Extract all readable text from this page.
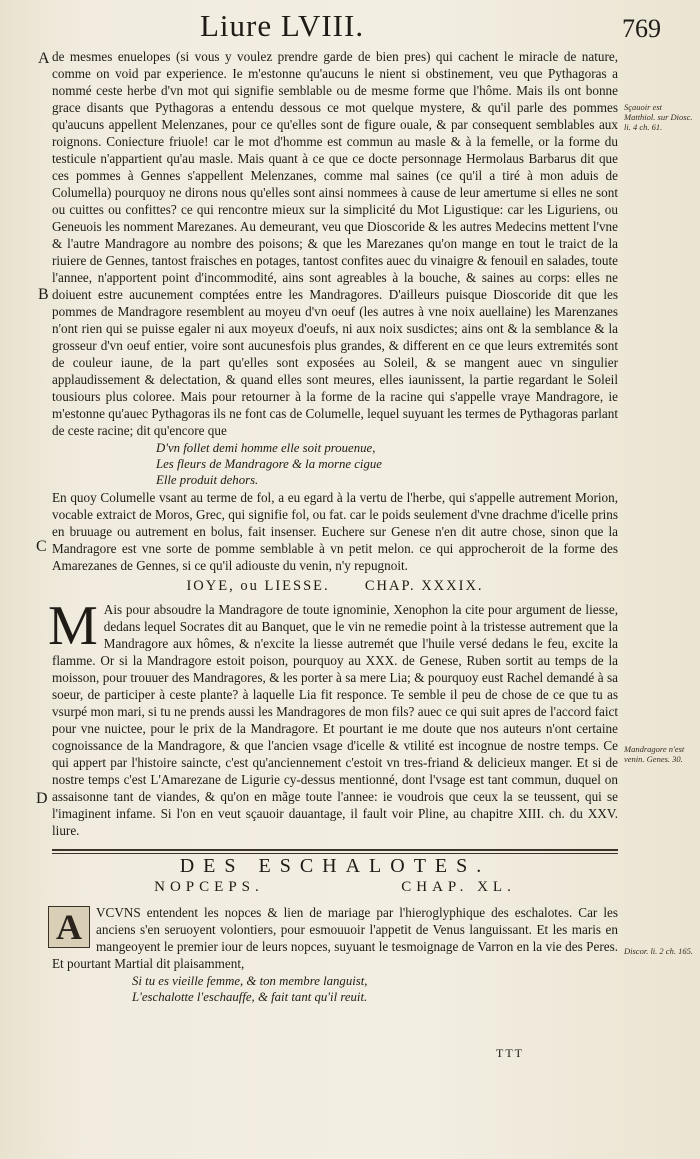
Liure LVIII.	769
A
B
C
D
Sçauoir est Matthiol. sur Diosc. li. 4 ch. 61.
Mandragore n'est venin. Genes. 30.
Discor. li. 2 ch. 165.

de mesmes enuelopes (si vous y voulez prendre garde de bien pres) qui cachent le miracle de nature, comme on void par experience. Ie m'estonne qu'aucuns le nient si obstinement, veu que Pythagoras a nommé ceste herbe d'vn mot qui signifie semblable ou de mesme forme que l'hôme. Mais ils ont bonne grace disants que Pythagoras a entendu dessous ce mot quelque mystere, & qu'il parle des pommes qu'aucuns appellent Melenzanes, pour ce qu'elles sont de figure ouale, & par consequent semblables aux roignons. Coniecture friuole! car le mot d'homme est commun au masle & à la femelle, or la forme du testicule n'appartient qu'au masle. Mais quant à ce que ce docte personnage Hermolaus Barbarus dit que ces pommes à Gennes s'appellent Melenzanes, comme mal saines (ce qu'il a tiré à mon aduis de Columella) pourquoy ne dirons nous qu'elles sont ainsi nommees à cause de leur amertume si elles ne sont ou cuittes ou confittes? ce qui rencontre mieux sur la simplicité du Mot Ligustique: car les Liguriens, ou Geneuois les nomment Marezanes. Au demeurant, veu que Dioscoride & les autres Medecins mettent l'vne & l'autre Mandragore au nombre des poisons; & que les Marezanes qu'on mange en tout le traict de la riuiere de Gennes, tantost fraisches en potages, tantost confites auec du vinaigre & fenouil en salades, toute l'annee, n'apportent point d'incommodité, ains sont agreables à la bouche, & saines au corps: elles ne doiuent estre aucunement comptées entre les Mandragores. D'ailleurs puisque Dioscoride dit que les pommes de Mandragore resemblent au moyeu d'vn oeuf (les autres à vne noix auellaine) les Marenzanes n'ont rien qui se puisse egaler ni aux moyeux d'oeufs, ni aux noix susdictes; ains ont & la semblance & la grosseur d'vn oeuf entier, voire sont aucunesfois plus grandes, & different en ce que leurs extremités sont de couleur iaune, de la part qu'elles sont exposées au Soleil, & se mangent auec vn singulier applaudissement & delectation, & quand elles sont meures, elles iaunissent, la partie regardant le Soleil tousiours plus coloree. Mais pour retourner à la forme de la racine qui s'appelle vraye Mandragore, ie m'estonne qu'auec Pythagoras ils ne font cas de Columelle, lequel suyuant les termes de Pythagoras parlant de ceste racine; dit qu'encore que

D'vn follet demi homme elle soit prouenue,
Les fleurs de Mandragore & la morne cigue
Elle produit dehors.

En quoy Columelle vsant au terme de fol, a eu egard à la vertu de l'herbe, qui s'appelle autrement Morion, vocable extraict de Moros, Grec, qui signifie fol, ou fat. car le poids seulement d'vne drachme d'icelle prins en bruuage ou autrement en bolus, fait insenser. Euchere sur Genese n'en dit autre chose, sinon que la Mandragore est vne sorte de pomme semblable à vn petit melon. ce qui approcheroit de la forme des Amarezanes de Gennes, si ce qu'il adiouste du venin, n'y repugnoit.

IOYE, ou LIESSE. CHAP. XXXIX.
M Ais pour absoudre la Mandragore de toute ignominie, Xenophon la cite pour argument de liesse, dedans lequel Socrates dit au Banquet, que le vin ne remedie point à la tristesse autrement que la Mandragore aux hômes, & n'excite la liesse autremét que l'huile versé dedans le feu, excite la flamme. Or si la Mandragore estoit poison, pourquoy au XXX. de Genese, Ruben sortit au temps de la moisson, pour trouuer des Mandragores, & les porter à sa mere Lia; & pourquoy eust Rachel demandé à sa soeur, de participer à ceste plante? à laquelle Lia fit responce. Te semble il peu de chose de ce que tu as vsurpé mon mari, si tu ne prends aussi les Mandragores de mon fils? auec ce qui suit apres de l'accord faict pour vne nuictee, pour le prix de la Mandragore. Et pourtant ie me doute que nos auteurs n'ont certaine cognoissance de la Mandragore, & que l'ancien vsage d'icelle & vtilité est incognue de nostre temps. Ce qui appert par l'histoire saincte, c'est qu'anciennement c'estoit vn tres-friand & delicieux manger. Et si de nostre temps c'est L'Amarezane de Ligurie cy-dessus mentionné, dont l'vsage est tant commun, duquel on assaisonne tant de viandes, & qu'on en mãge toute l'annee: ie voudrois que ceux la se teussent, qui se l'imaginent infame. Si l'on en veut sçauoir dauantage, il fault voir Pline, au chapitre XIII. ch. du XXV. liure.

DES ESCHALOTES.
NOPCEPS.	CHAP. XL.
A	VCVNS entendent les nopces & lien de mariage par l'hieroglyphique des eschalotes. Car les anciens s'en seruoyent volontiers, pour esmouuoir l'appetit de Venus languissant. Et les maris en mangeoyent le premier iour de leurs nopces, suyuant le tesmoignage de Varron en la vie des Peres. Et pourtant Martial dit plaisamment,

Si tu es vieille femme, & ton membre languist,
L'eschalotte l'eschauffe, & fait tant qu'il reuit.
TTT
